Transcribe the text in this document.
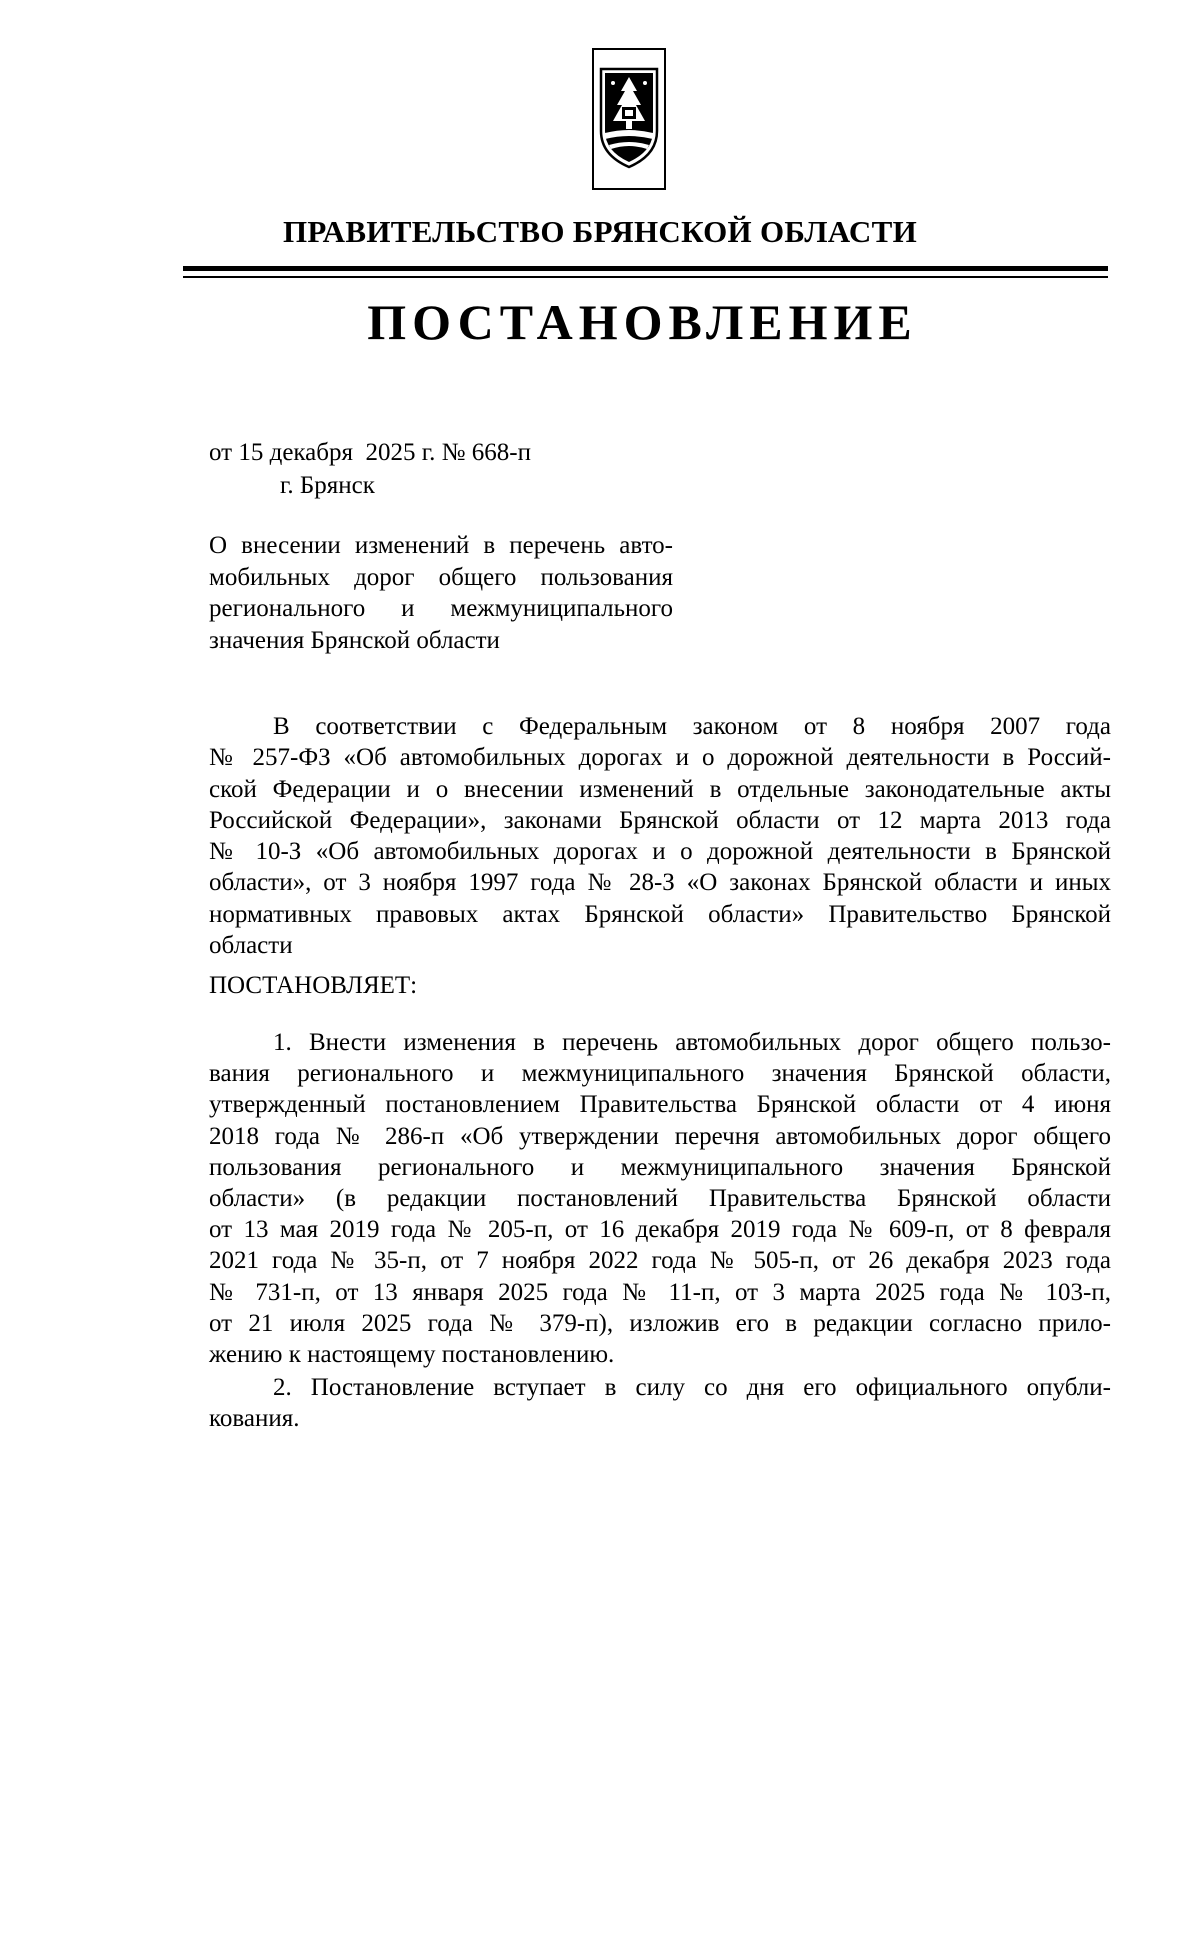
ПРАВИТЕЛЬСТВО БРЯНСКОЙ ОБЛАСТИ
ПОСТАНОВЛЕНИЕ
от 15 декабря  2025 г. № 668-п
г. Брянск
О внесении изменений в перечень авто-
мобильных дорог общего пользования
регионального и межмуниципального
значения Брянской области
В соответствии с Федеральным законом от 8 ноября 2007 года
№ 257-ФЗ «Об автомобильных дорогах и о дорожной деятельности в Россий-
ской Федерации и о внесении изменений в отдельные законодательные акты
Российской Федерации», законами Брянской области от 12 марта 2013 года
№ 10-З «Об автомобильных дорогах и о дорожной деятельности в Брянской
области», от 3 ноября 1997 года № 28-З «О законах Брянской области и иных
нормативных правовых актах Брянской области» Правительство Брянской
области
ПОСТАНОВЛЯЕТ:
1. Внести изменения в перечень автомобильных дорог общего пользо-
вания регионального и межмуниципального значения Брянской области,
утвержденный постановлением Правительства Брянской области от 4 июня
2018 года № 286-п «Об утверждении перечня автомобильных дорог общего
пользования регионального и межмуниципального значения Брянской
области» (в редакции постановлений Правительства Брянской области
от 13 мая 2019 года № 205-п, от 16 декабря 2019 года № 609-п, от 8 февраля
2021 года № 35-п, от 7 ноября 2022 года № 505-п, от 26 декабря 2023 года
№ 731-п, от 13 января 2025 года № 11-п, от 3 марта 2025 года № 103-п,
от 21 июля 2025 года № 379-п), изложив его в редакции согласно прило-
жению к настоящему постановлению.
2. Постановление вступает в силу со дня его официального опубли-
кования.
